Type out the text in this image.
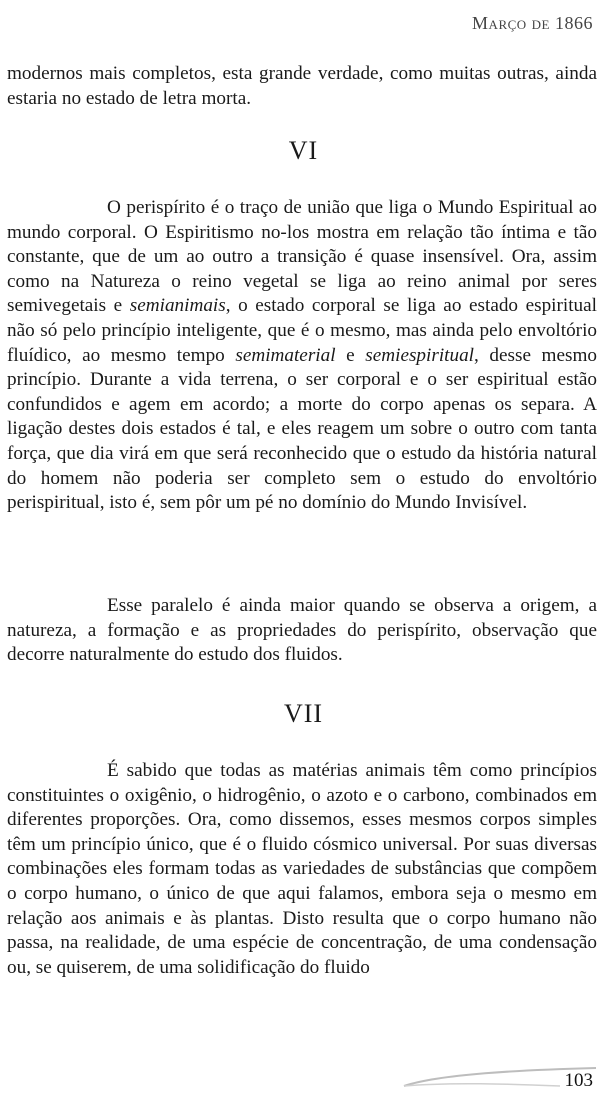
Março de 1866

modernos mais completos, esta grande verdade, como muitas outras, ainda estaria no estado de letra morta.

VI

O perispírito é o traço de união que liga o Mundo Espiritual ao mundo corporal. O Espiritismo no-los mostra em relação tão íntima e tão constante, que de um ao outro a transição é quase insensível. Ora, assim como na Natureza o reino vegetal se liga ao reino animal por seres semivegetais e semianimais, o estado corporal se liga ao estado espiritual não só pelo princípio inteligente, que é o mesmo, mas ainda pelo envoltório fluídico, ao mesmo tempo semimaterial e semiespiritual, desse mesmo princípio. Durante a vida terrena, o ser corporal e o ser espiritual estão confundidos e agem em acordo; a morte do corpo apenas os separa. A ligação destes dois estados é tal, e eles reagem um sobre o outro com tanta força, que dia virá em que será reconhecido que o estudo da história natural do homem não poderia ser completo sem o estudo do envoltório perispiritual, isto é, sem pôr um pé no domínio do Mundo Invisível.

Esse paralelo é ainda maior quando se observa a origem, a natureza, a formação e as propriedades do perispírito, observação que decorre naturalmente do estudo dos fluidos.

VII

É sabido que todas as matérias animais têm como princípios constituintes o oxigênio, o hidrogênio, o azoto e o carbono, combinados em diferentes proporções. Ora, como dissemos, esses mesmos corpos simples têm um princípio único, que é o fluido cósmico universal. Por suas diversas combinações eles formam todas as variedades de substâncias que compõem o corpo humano, o único de que aqui falamos, embora seja o mesmo em relação aos animais e às plantas. Disto resulta que o corpo humano não passa, na realidade, de uma espécie de concentração, de uma condensação ou, se quiserem, de uma solidificação do fluido

103
